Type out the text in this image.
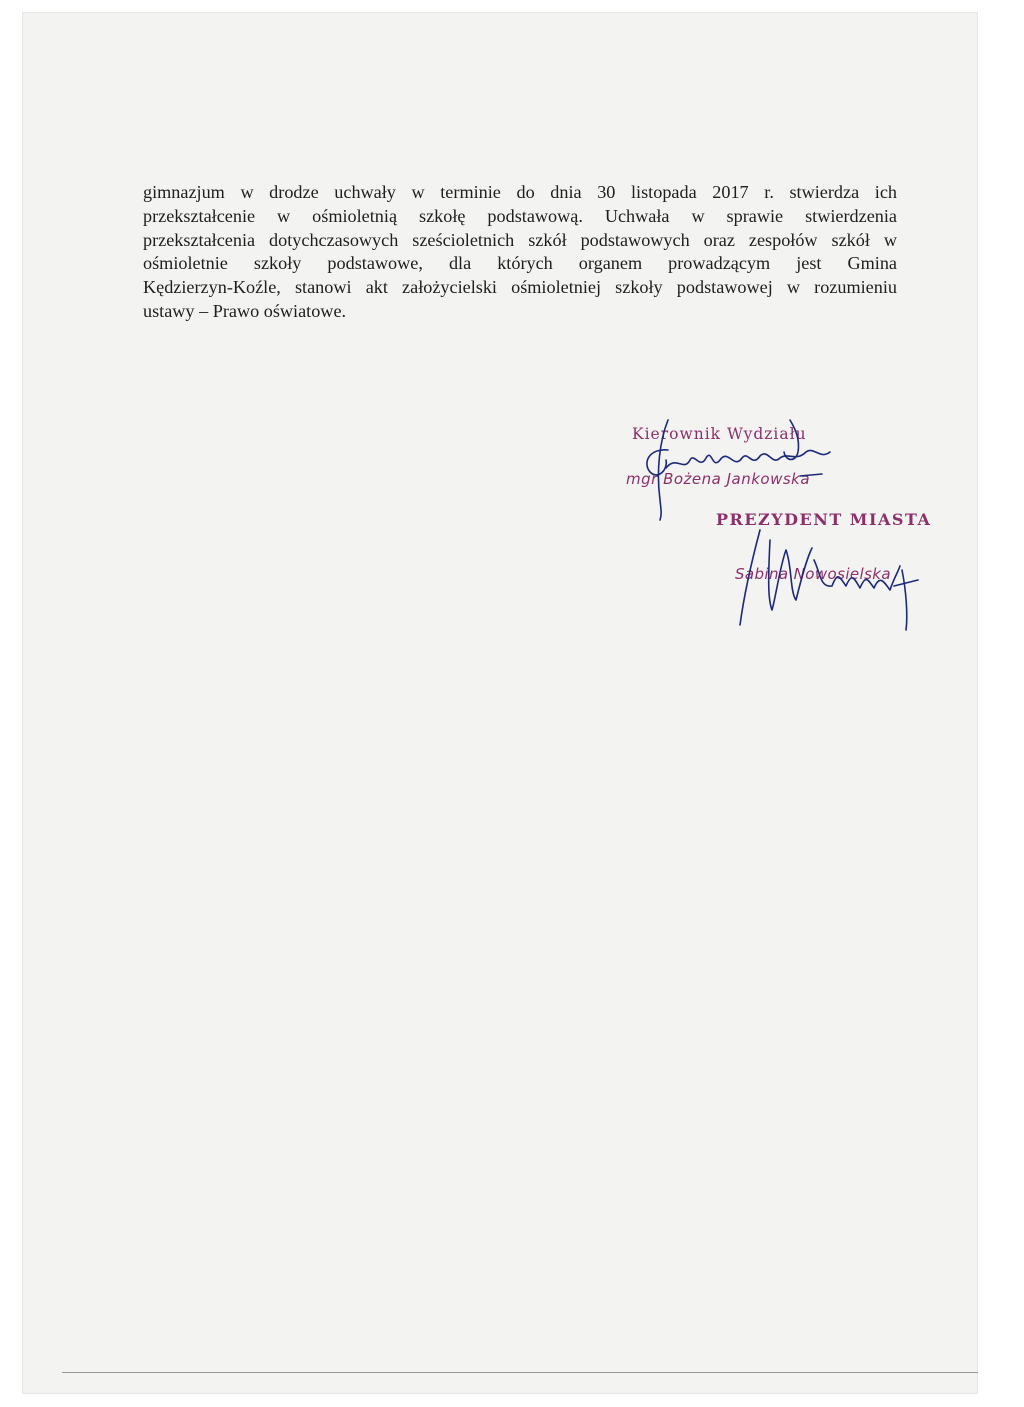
gimnazjum w drodze uchwały w terminie do dnia 30 listopada 2017 r. stwierdza ich
przekształcenie w ośmioletnią szkołę podstawową. Uchwała w sprawie stwierdzenia
przekształcenia dotychczasowych sześcioletnich szkół podstawowych oraz zespołów szkół w
ośmioletnie szkoły podstawowe, dla których organem prowadzącym jest Gmina
Kędzierzyn-Koźle, stanowi akt założycielski ośmioletniej szkoły podstawowej w rozumieniu
ustawy – Prawo oświatowe.
Kierownik Wydziału
mgr Bożena Jankowska
PREZYDENT MIASTA
Sabina Nowosielska
